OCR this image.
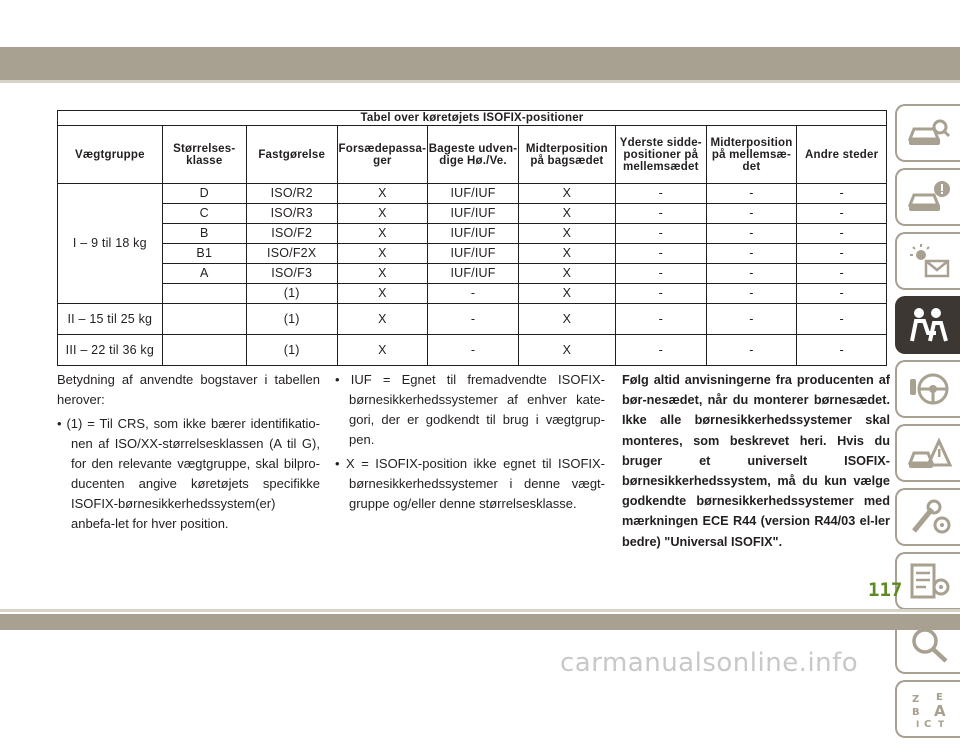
Tabel over køretøjets ISOFIX-positioner								
Vægtgruppe	Størrelses-klasse	Fastgørelse	Forsædepassa-ger	Bageste udven-dige Hø./Ve.	Midterposition på bagsædet	Yderste sidde-positioner på mellemsædet	Midterposition på mellemsæ-det	Andre steder
I – 9 til 18 kg	D	ISO/R2	X	IUF/IUF	X	-	-	-
	C	ISO/R3	X	IUF/IUF	X	-	-	-
	B	ISO/F2	X	IUF/IUF	X	-	-	-
	B1	ISO/F2X	X	IUF/IUF	X	-	-	-
	A	ISO/F3	X	IUF/IUF	X	-	-	-
		(1)	X	-	X	-	-	-
II – 15 til 25 kg		(1)	X	-	X	-	-	-
III – 22 til 36 kg		(1)	X	-	X	-	-	-

Betydning af anvendte bogstaver i tabellen herover:

• (1) = Til CRS, som ikke bærer identifikatio-nen af ISO/XX-størrelsesklassen (A til G), for den relevante vægtgruppe, skal bilpro-ducenten angive køretøjets specifikke ISOFIX-børnesikkerhedssystem(er) anbefa-let for hver position.

• IUF = Egnet til fremadvendte ISOFIX-børnesikkerhedssystemer af enhver kate-gori, der er godkendt til brug i vægtgrup-pen.

• X = ISOFIX-position ikke egnet til ISOFIX-børnesikkerhedssystemer i denne vægt-gruppe og/eller denne størrelsesklasse.

Følg altid anvisningerne fra producenten af bør-nesædet, når du monterer børnesædet. Ikke alle børnesikkerhedssystemer skal monteres, som beskrevet heri. Hvis du bruger et universelt ISOFIX-børnesikkerhedssystem, må du kun vælge godkendte børnesikkerhedssystemer med mærkningen ECE R44 (version R44/03 el-ler bedre) "Universal ISOFIX".

Z E
B A
I C T
117
carmanualsonline.info
